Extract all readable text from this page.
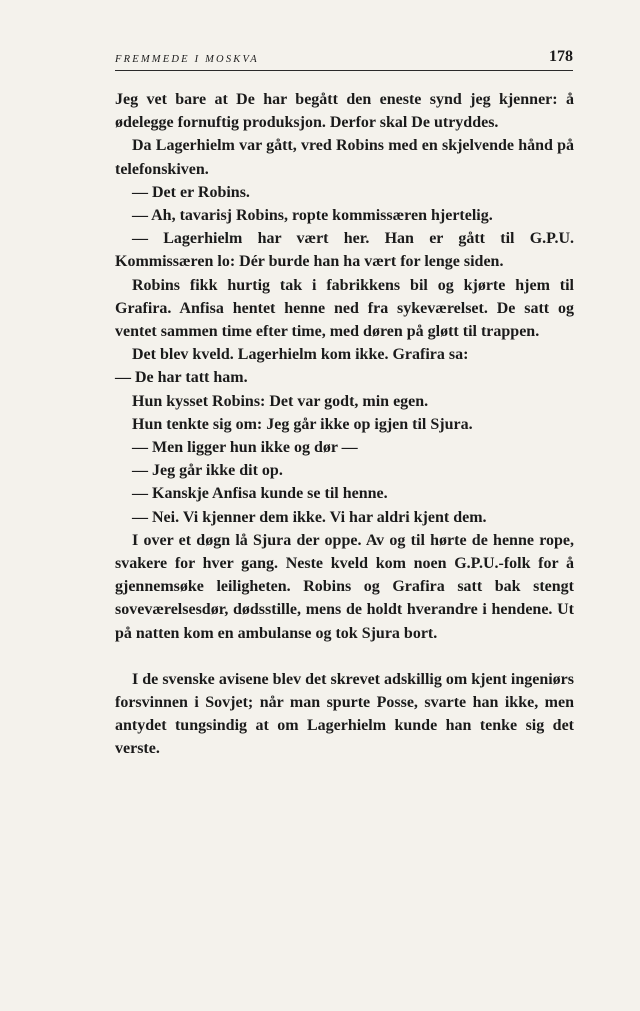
FREMMEDE I MOSKVA	178

Jeg vet bare at De har begått den eneste synd jeg kjenner: å ødelegge fornuftig produksjon. Derfor skal De utryddes.

Da Lagerhielm var gått, vred Robins med en skjelvende hånd på telefonskiven.

— Det er Robins.

— Ah, tavarisj Robins, ropte kommissæren hjertelig.

— Lagerhielm har vært her. Han er gått til G.P.U. Kommissæren lo: Dér burde han ha vært for lenge siden.

Robins fikk hurtig tak i fabrikkens bil og kjørte hjem til Grafira. Anfisa hentet henne ned fra sykeværelset. De satt og ventet sammen time efter time, med døren på gløtt til trappen.

Det blev kveld. Lagerhielm kom ikke. Grafira sa:

— De har tatt ham.

Hun kysset Robins: Det var godt, min egen.

Hun tenkte sig om: Jeg går ikke op igjen til Sjura.

— Men ligger hun ikke og dør —

— Jeg går ikke dit op.

— Kanskje Anfisa kunde se til henne.

— Nei. Vi kjenner dem ikke. Vi har aldri kjent dem.

I over et døgn lå Sjura der oppe. Av og til hørte de henne rope, svakere for hver gang. Neste kveld kom noen G.P.U.-folk for å gjennemsøke leiligheten. Robins og Grafira satt bak stengt soveværelsesdør, dødsstille, mens de holdt hverandre i hendene. Ut på natten kom en ambulanse og tok Sjura bort.

I de svenske avisene blev det skrevet adskillig om kjent ingeniørs forsvinnen i Sovjet; når man spurte Posse, svarte han ikke, men antydet tungsindig at om Lagerhielm kunde han tenke sig det verste.
